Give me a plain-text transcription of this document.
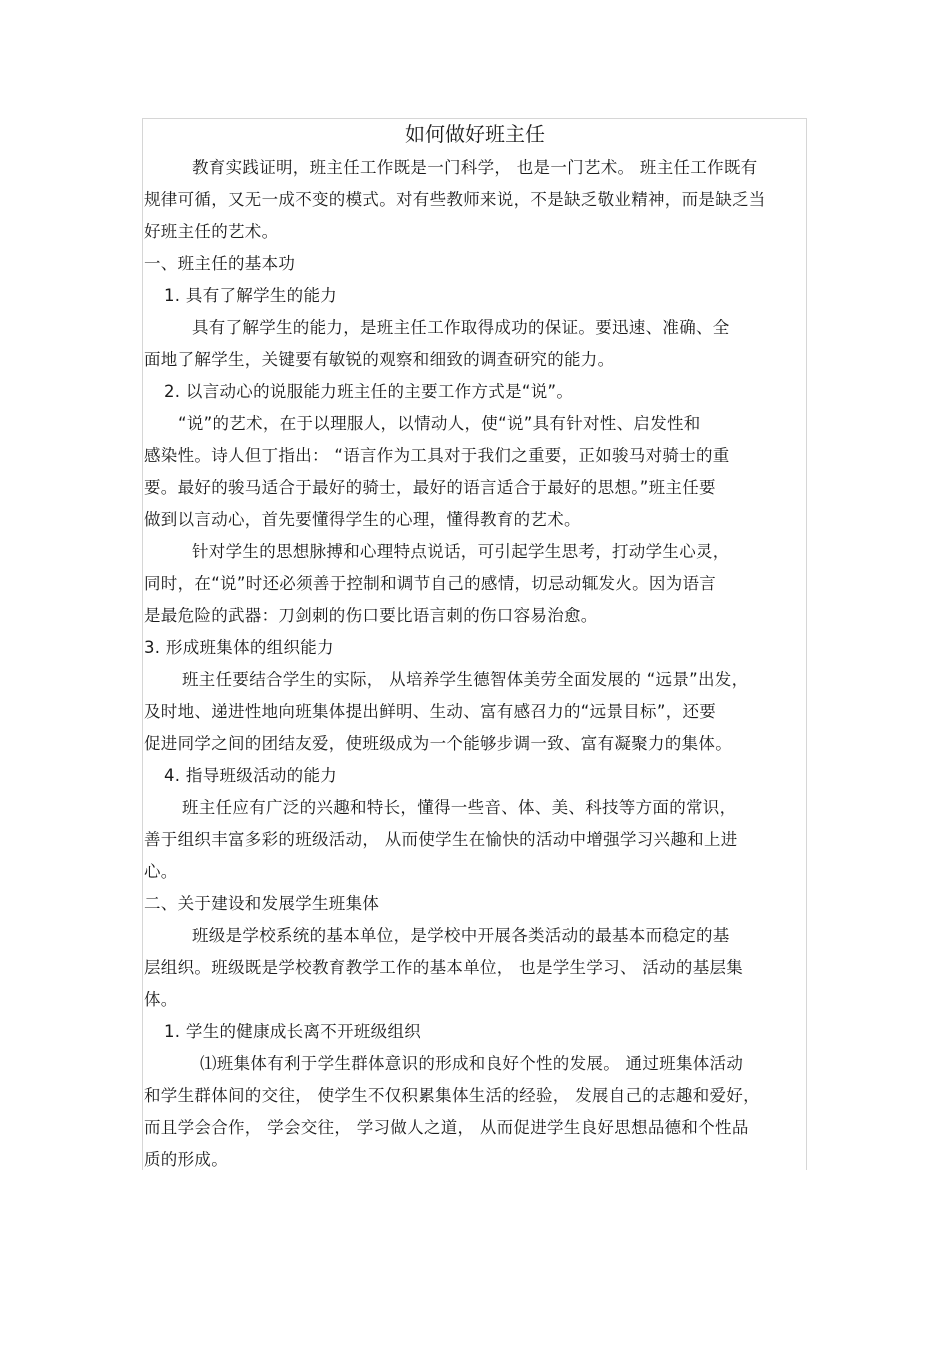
如何做好班主任
教育实践证明，班主任工作既是一门科学， 也是一门艺术。 班主任工作既有
规律可循，又无一成不变的模式。对有些教师来说，不是缺乏敬业精神，而是缺乏当
好班主任的艺术。
一、班主任的基本功
1. 具有了解学生的能力
具有了解学生的能力，是班主任工作取得成功的保证。要迅速、准确、全
面地了解学生，关键要有敏锐的观察和细致的调查研究的能力。
2. 以言动心的说服能力班主任的主要工作方式是“说”。
“说”的艺术，在于以理服人，以情动人，使“说”具有针对性、启发性和
感染性。诗人但丁指出： “语言作为工具对于我们之重要，正如骏马对骑士的重
要。最好的骏马适合于最好的骑士，最好的语言适合于最好的思想。”班主任要
做到以言动心，首先要懂得学生的心理，懂得教育的艺术。
针对学生的思想脉搏和心理特点说话，可引起学生思考，打动学生心灵，
同时，在“说”时还必须善于控制和调节自己的感情，切忌动辄发火。因为语言
是最危险的武器：刀剑刺的伤口要比语言刺的伤口容易治愈。
3. 形成班集体的组织能力
班主任要结合学生的实际， 从培养学生德智体美劳全面发展的 “远景”出发，
及时地、递进性地向班集体提出鲜明、生动、富有感召力的“远景目标”，还要
促进同学之间的团结友爱，使班级成为一个能够步调一致、富有凝聚力的集体。
4. 指导班级活动的能力
班主任应有广泛的兴趣和特长，懂得一些音、体、美、科技等方面的常识，
善于组织丰富多彩的班级活动， 从而使学生在愉快的活动中增强学习兴趣和上进
心。
二、关于建设和发展学生班集体
班级是学校系统的基本单位，是学校中开展各类活动的最基本而稳定的基
层组织。班级既是学校教育教学工作的基本单位， 也是学生学习、 活动的基层集
体。
1. 学生的健康成长离不开班级组织
⑴班集体有利于学生群体意识的形成和良好个性的发展。 通过班集体活动
和学生群体间的交往， 使学生不仅积累集体生活的经验， 发展自己的志趣和爱好，
而且学会合作， 学会交往， 学习做人之道， 从而促进学生良好思想品德和个性品
质的形成。
